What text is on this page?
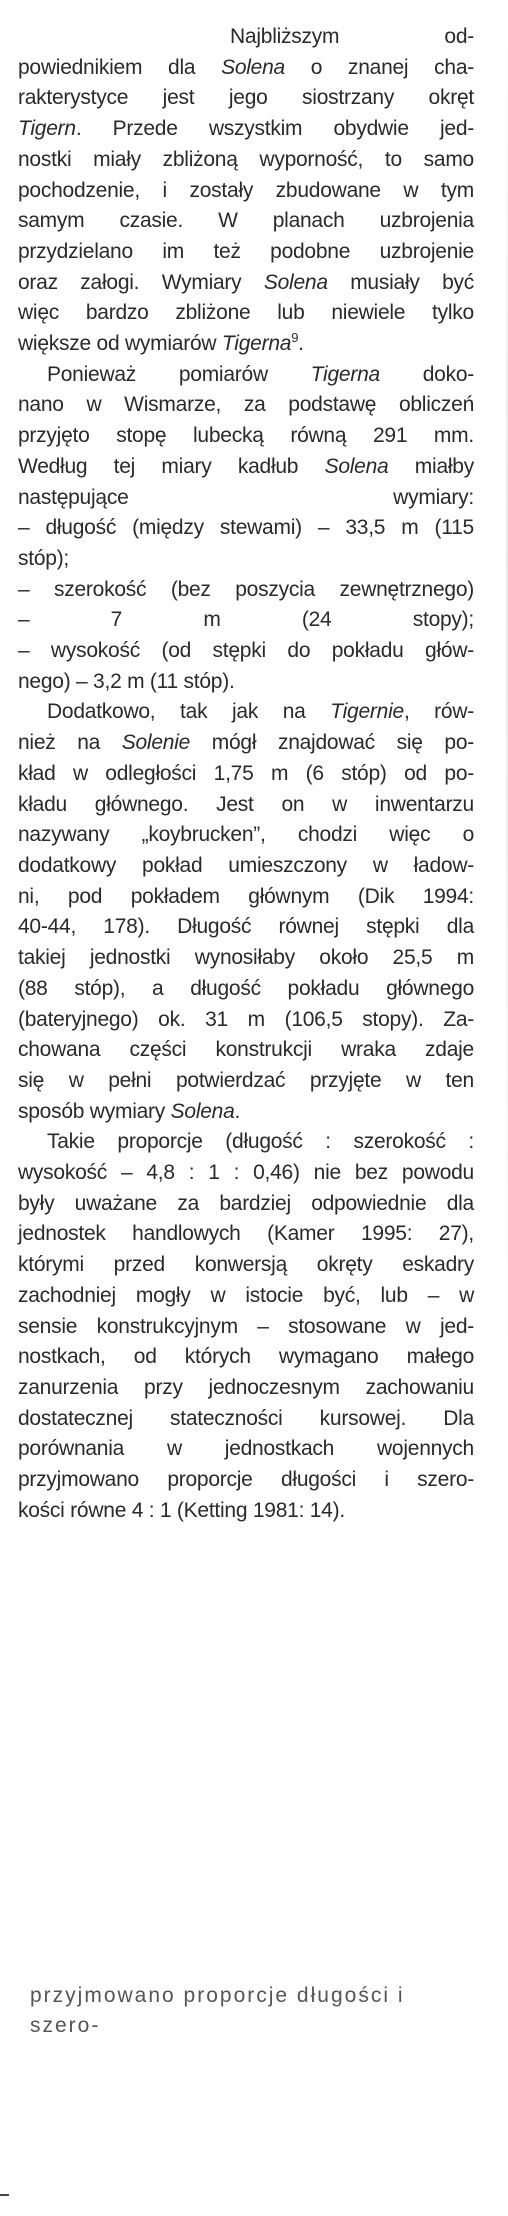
Najbliższym od-
powiednikiem dla Solena o znanej cha-
rakterystyce jest jego siostrzany okręt
Tigern. Przede wszystkim obydwie jed-
nostki miały zbliżoną wyporność, to samo
pochodzenie, i zostały zbudowane w tym
samym czasie. W planach uzbrojenia
przydzielano im też podobne uzbrojenie
oraz załogi. Wymiary Solena musiały być
więc bardzo zbliżone lub niewiele tylko
większe od wymiarów Tigerna$^9$.

Ponieważ pomiarów Tigerna doko-
nano w Wismarze, za podstawę obliczeń
przyjęto stopę lubecką równą 291 mm.
Według tej miary kadłub Solena miałby
następujące wymiary:
– długość (między stewami) – 33,5 m (115
stóp);
– szerokość (bez poszycia zewnętrznego)
– 7 m (24 stopy);
– wysokość (od stępki do pokładu głów-
nego) – 3,2 m (11 stóp).

Dodatkowo, tak jak na Tigernie, rów-
nież na Solenie mógł znajdować się po-
kład w odległości 1,75 m (6 stóp) od po-
kładu głównego. Jest on w inwentarzu
nazywany „koybrucken”, chodzi więc o
dodatkowy pokład umieszczony w ładow-
ni, pod pokładem głównym (Dik 1994:
40-44, 178). Długość równej stępki dla
takiej jednostki wynosiłaby około 25,5 m
(88 stóp), a długość pokładu głównego
(bateryjnego) ok. 31 m (106,5 stopy). Za-
chowana części konstrukcji wraka zdaje
się w pełni potwierdzać przyjęte w ten
sposób wymiary Solena.

Takie proporcje (długość : szerokość :
wysokość – 4,8 : 1 : 0,46) nie bez powodu
były uważane za bardziej odpowiednie dla
jednostek handlowych (Kamer 1995: 27),
którymi przed konwersją okręty eskadry
zachodniej mogły w istocie być, lub – w
sensie konstrukcyjnym – stosowane w jed-
nostkach, od których wymagano małego
zanurzenia przy jednoczesnym zachowaniu
dostatecznej stateczności kursowej. Dla
porównania w jednostkach wojennych
przyjmowano proporcje długości i szero-
kości równe 4 : 1 (Ketting 1981: 14).

przyjmowano proporcje długości i szero-
